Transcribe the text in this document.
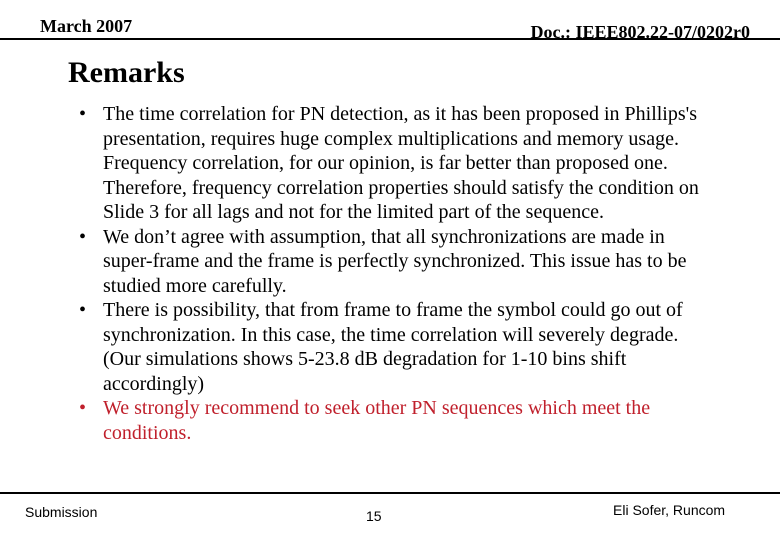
March 2007	Doc.: IEEE802.22-07/0202r0
Remarks
• The time correlation for PN detection, as it has been proposed in Phillips's presentation, requires huge complex multiplications and memory usage. Frequency correlation, for our opinion, is far better than proposed one. Therefore, frequency correlation properties should satisfy the condition on Slide 3 for all lags and not for the limited part of the sequence.
• We don’t agree with assumption, that all synchronizations are made in super-frame and the frame is perfectly synchronized. This issue has to be studied more carefully.
• There is possibility, that from frame to frame the symbol could go out of synchronization. In this case, the time correlation will severely degrade. (Our simulations shows 5-23.8 dB degradation for 1-10 bins shift accordingly)
• We strongly recommend to seek other PN sequences which meet the conditions.
Submission	15	Eli Sofer, Runcom
